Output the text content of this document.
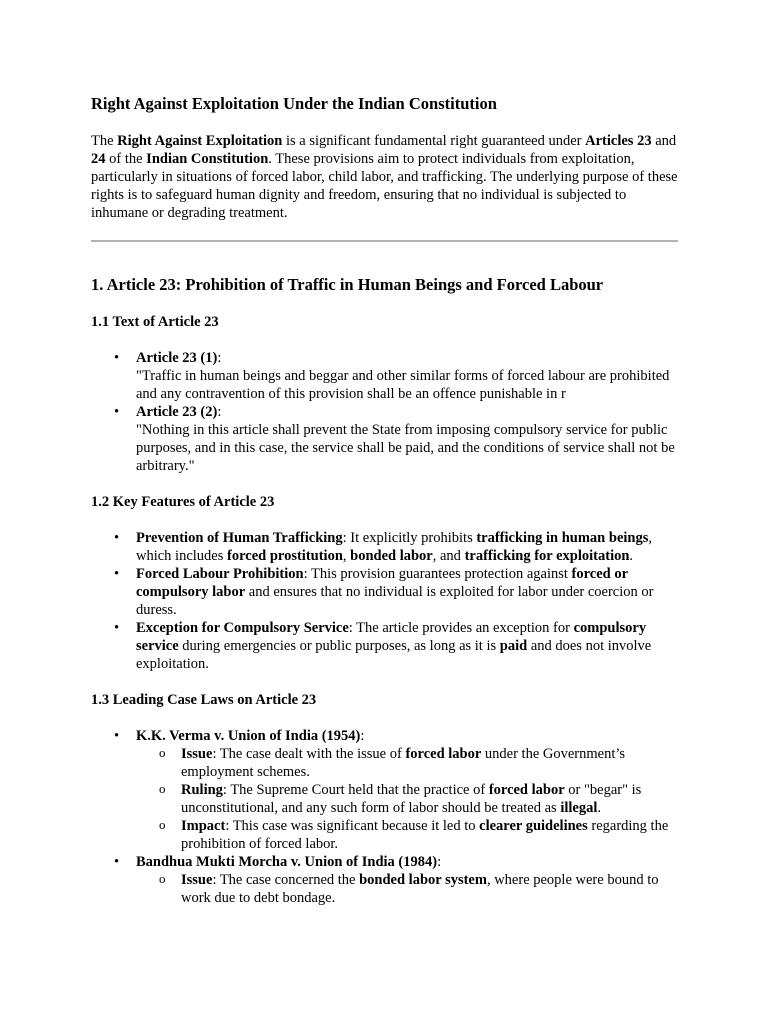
Right Against Exploitation Under the Indian Constitution

The Right Against Exploitation is a significant fundamental right guaranteed under Articles 23 and 24 of the Indian Constitution. These provisions aim to protect individuals from exploitation, particularly in situations of forced labor, child labor, and trafficking. The underlying purpose of these rights is to safeguard human dignity and freedom, ensuring that no individual is subjected to inhumane or degrading treatment.

1. Article 23: Prohibition of Traffic in Human Beings and Forced Labour
1.1 Text of Article 23
• Article 23 (1):
"Traffic in human beings and beggar and other similar forms of forced labour are prohibited and any contravention of this provision shall be an offence punishable in r
• Article 23 (2):
"Nothing in this article shall prevent the State from imposing compulsory service for public purposes, and in this case, the service shall be paid, and the conditions of service shall not be arbitrary."
1.2 Key Features of Article 23
• Prevention of Human Trafficking: It explicitly prohibits trafficking in human beings, which includes forced prostitution, bonded labor, and trafficking for exploitation.
• Forced Labour Prohibition: This provision guarantees protection against forced or compulsory labor and ensures that no individual is exploited for labor under coercion or duress.
• Exception for Compulsory Service: The article provides an exception for compulsory service during emergencies or public purposes, as long as it is paid and does not involve exploitation.
1.3 Leading Case Laws on Article 23
• K.K. Verma v. Union of India (1954):
o Issue: The case dealt with the issue of forced labor under the Government’s employment schemes.
o Ruling: The Supreme Court held that the practice of forced labor or "begar" is unconstitutional, and any such form of labor should be treated as illegal.
o Impact: This case was significant because it led to clearer guidelines regarding the prohibition of forced labor.
• Bandhua Mukti Morcha v. Union of India (1984):
o Issue: The case concerned the bonded labor system, where people were bound to work due to debt bondage.
